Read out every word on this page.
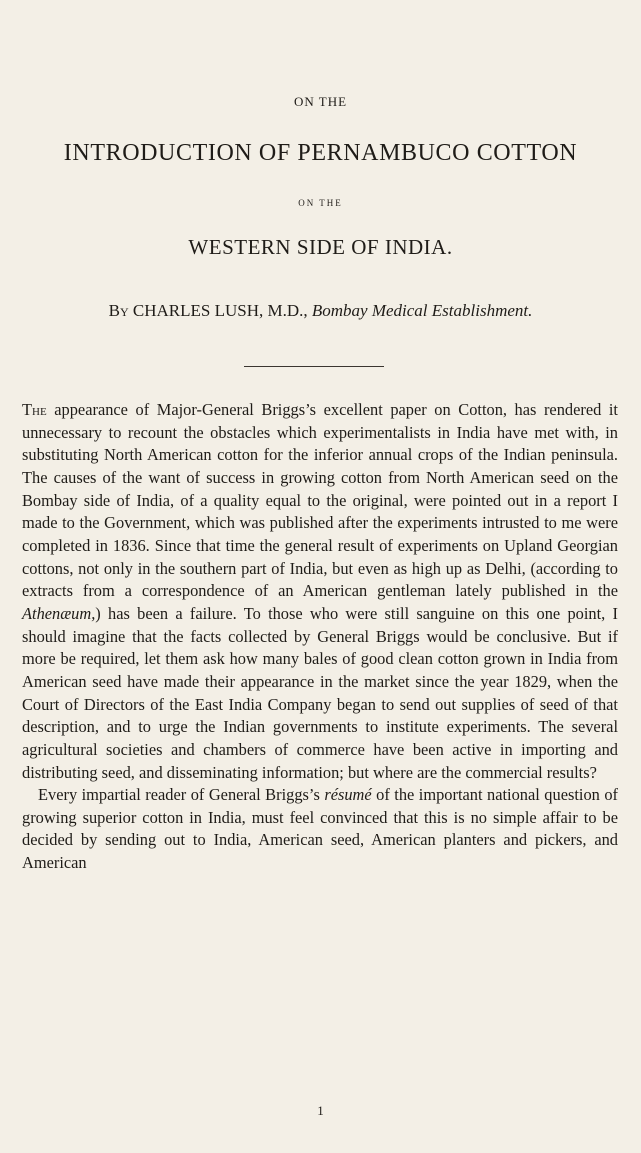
ON THE
INTRODUCTION OF PERNAMBUCO COTTON
ON THE
WESTERN SIDE OF INDIA.
By CHARLES LUSH, M.D., Bombay Medical Establishment.

The appearance of Major-General Briggs’s excellent paper on Cotton, has rendered it unnecessary to recount the obstacles which experimentalists in India have met with, in substituting North American cotton for the inferior annual crops of the Indian peninsula. The causes of the want of success in growing cotton from North American seed on the Bombay side of India, of a quality equal to the original, were pointed out in a report I made to the Government, which was published after the experiments intrusted to me were completed in 1836. Since that time the general result of experiments on Upland Georgian cottons, not only in the southern part of India, but even as high up as Delhi, (according to extracts from a correspondence of an American gentleman lately published in the Athenæum,) has been a failure. To those who were still sanguine on this one point, I should imagine that the facts collected by General Briggs would be conclusive. But if more be required, let them ask how many bales of good clean cotton grown in India from American seed have made their appearance in the market since the year 1829, when the Court of Directors of the East India Company began to send out supplies of seed of that description, and to urge the Indian governments to institute experiments. The several agricultural societies and chambers of commerce have been active in importing and distributing seed, and disseminating information; but where are the commercial results?

Every impartial reader of General Briggs’s résumé of the important national question of growing superior cotton in India, must feel convinced that this is no simple affair to be decided by sending out to India, American seed, American planters and pickers, and American

1
